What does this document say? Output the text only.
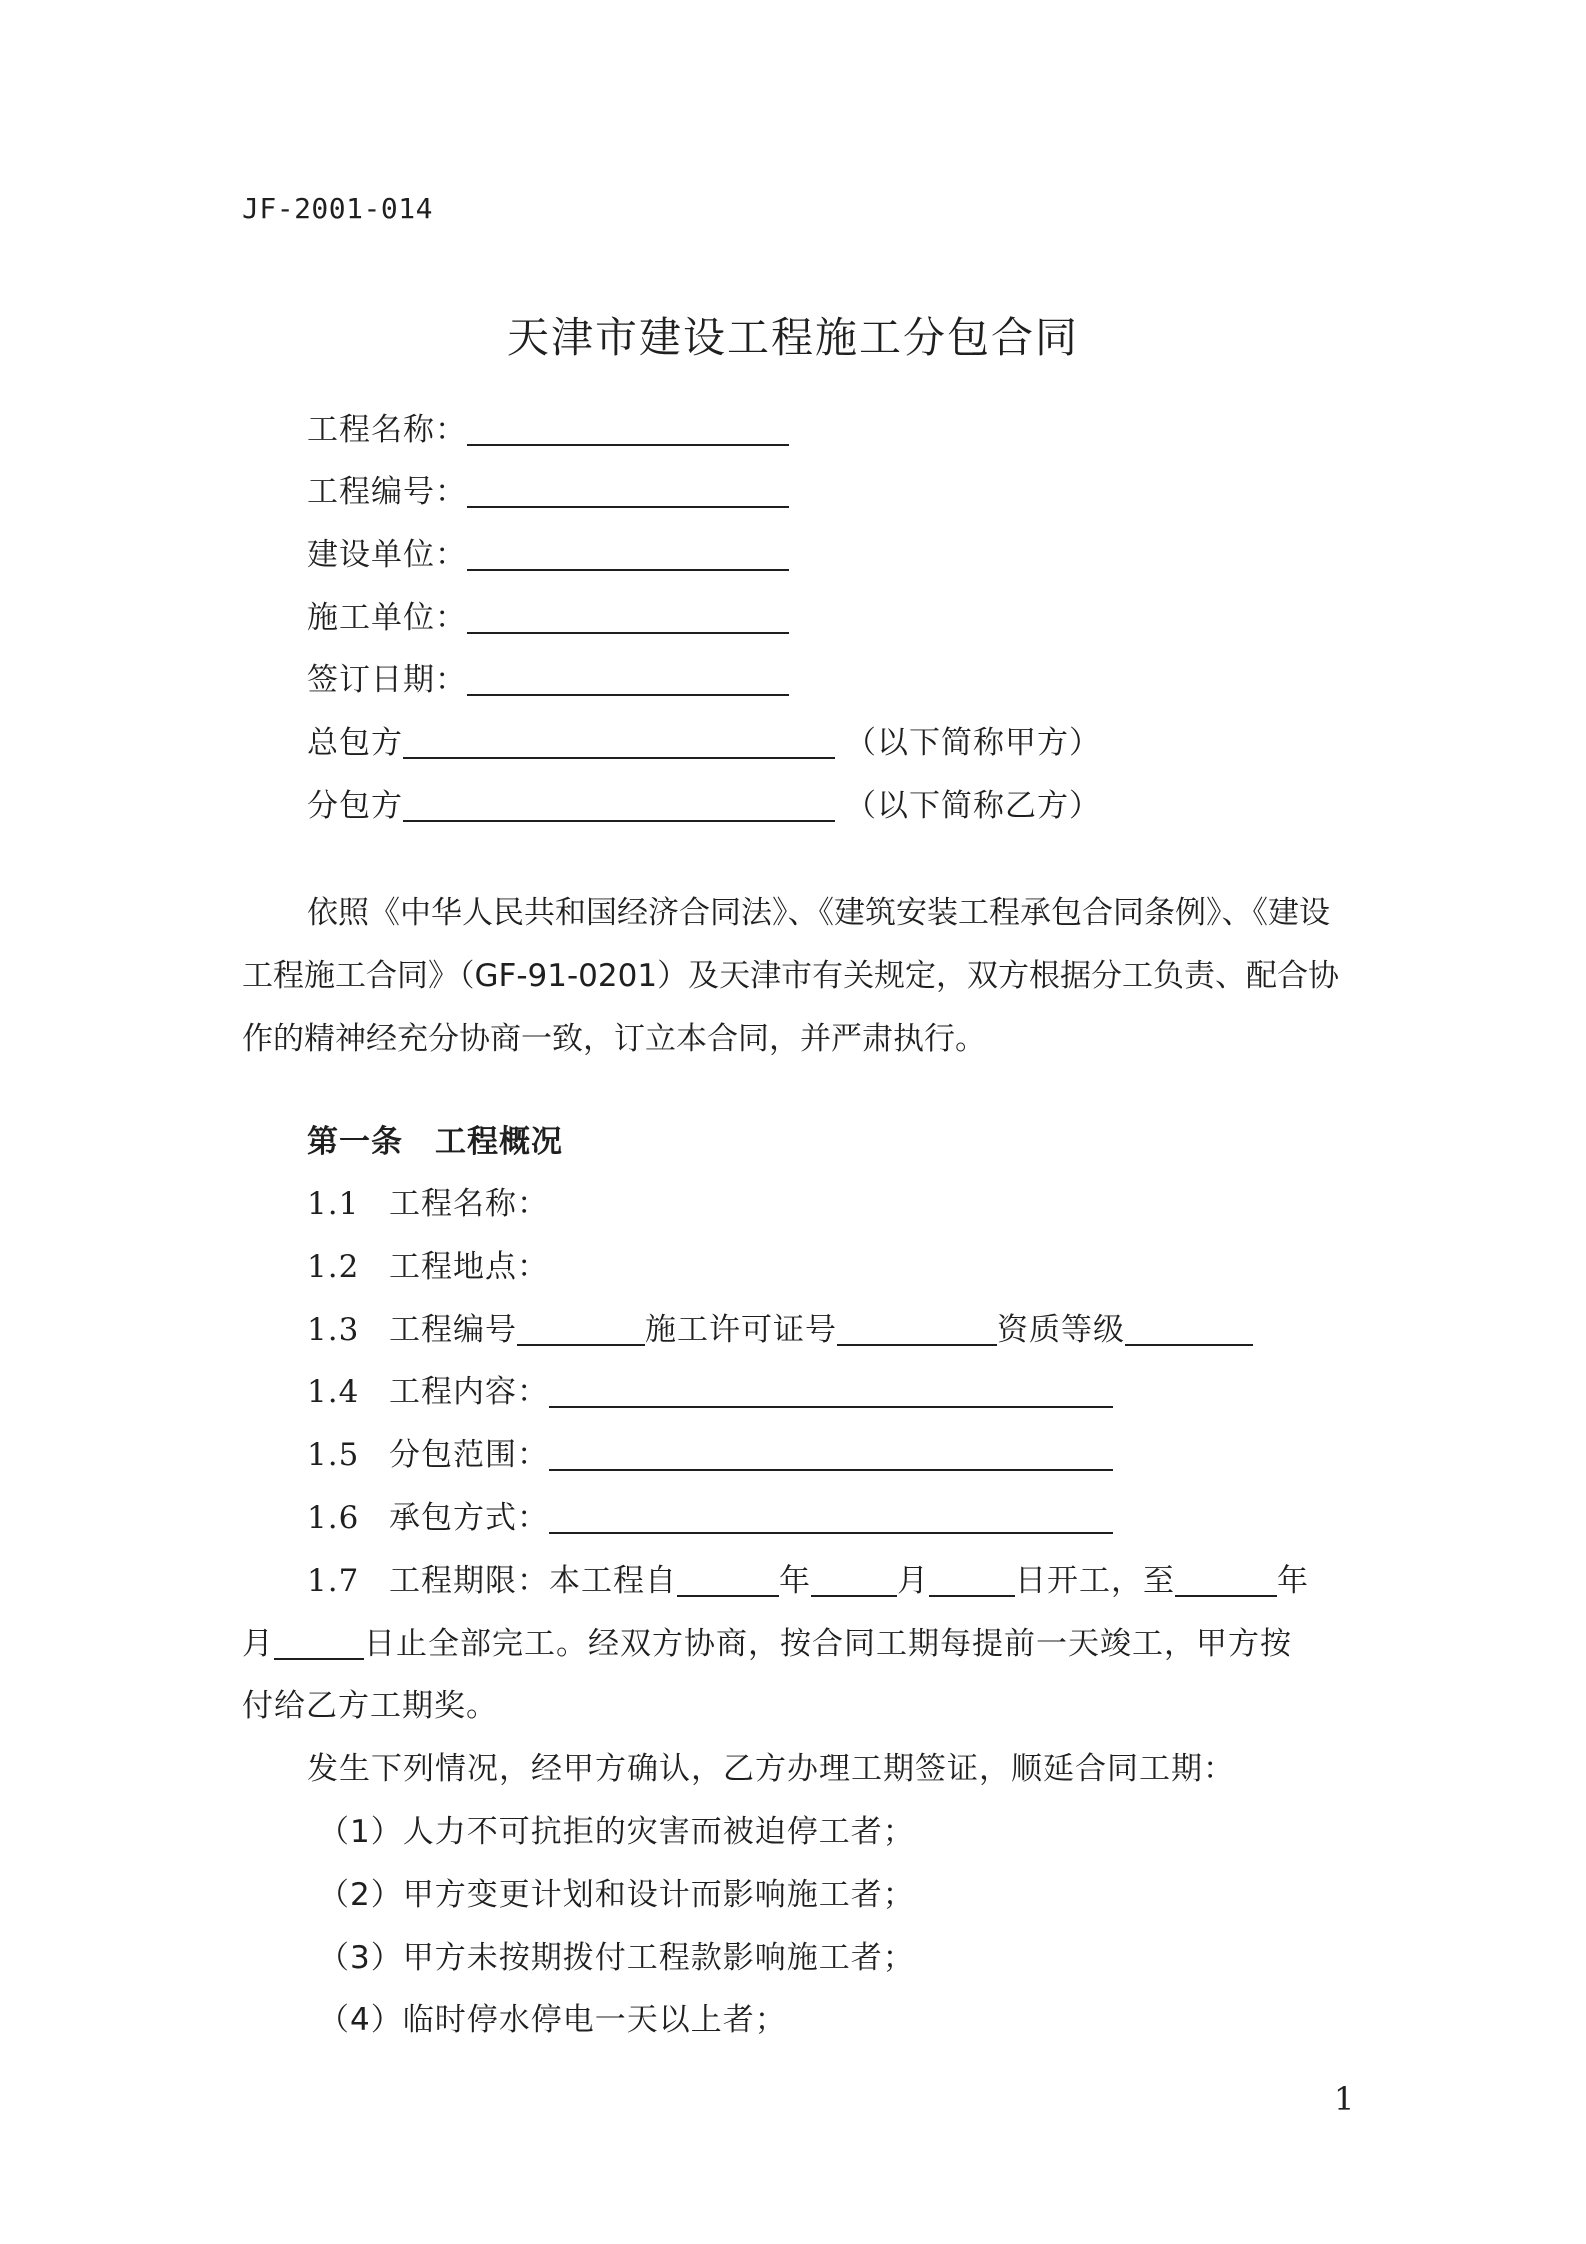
JF-2001-014
天津市建设工程施工分包合同
工程名称：
工程编号：
建设单位：
施工单位：
签订日期：
总包方	（以下简称甲方）
分包方	（以下简称乙方）
依照《中华人民共和国经济合同法》、《建筑安装工程承包合同条例》、《建设
工程施工合同》（GF-91-0201）及天津市有关规定，双方根据分工负责、配合协
作的精神经充分协商一致，订立本合同，并严肃执行。
第一条 工程概况
1.1 工程名称：
1.2 工程地点：
1.3 工程编号	施工许可证号	资质等级
1.4 工程内容：
1.5 分包范围：
1.6 承包方式：
1.7 工程期限：本工程自	年	月	日开工，至	年
月	日止全部完工。经双方协商，按合同工期每提前一天竣工，甲方按
付给乙方工期奖。
发生下列情况，经甲方确认，乙方办理工期签证，顺延合同工期：
（1）人力不可抗拒的灾害而被迫停工者；
（2）甲方变更计划和设计而影响施工者；
（3）甲方未按期拨付工程款影响施工者；
（4）临时停水停电一天以上者；
1
